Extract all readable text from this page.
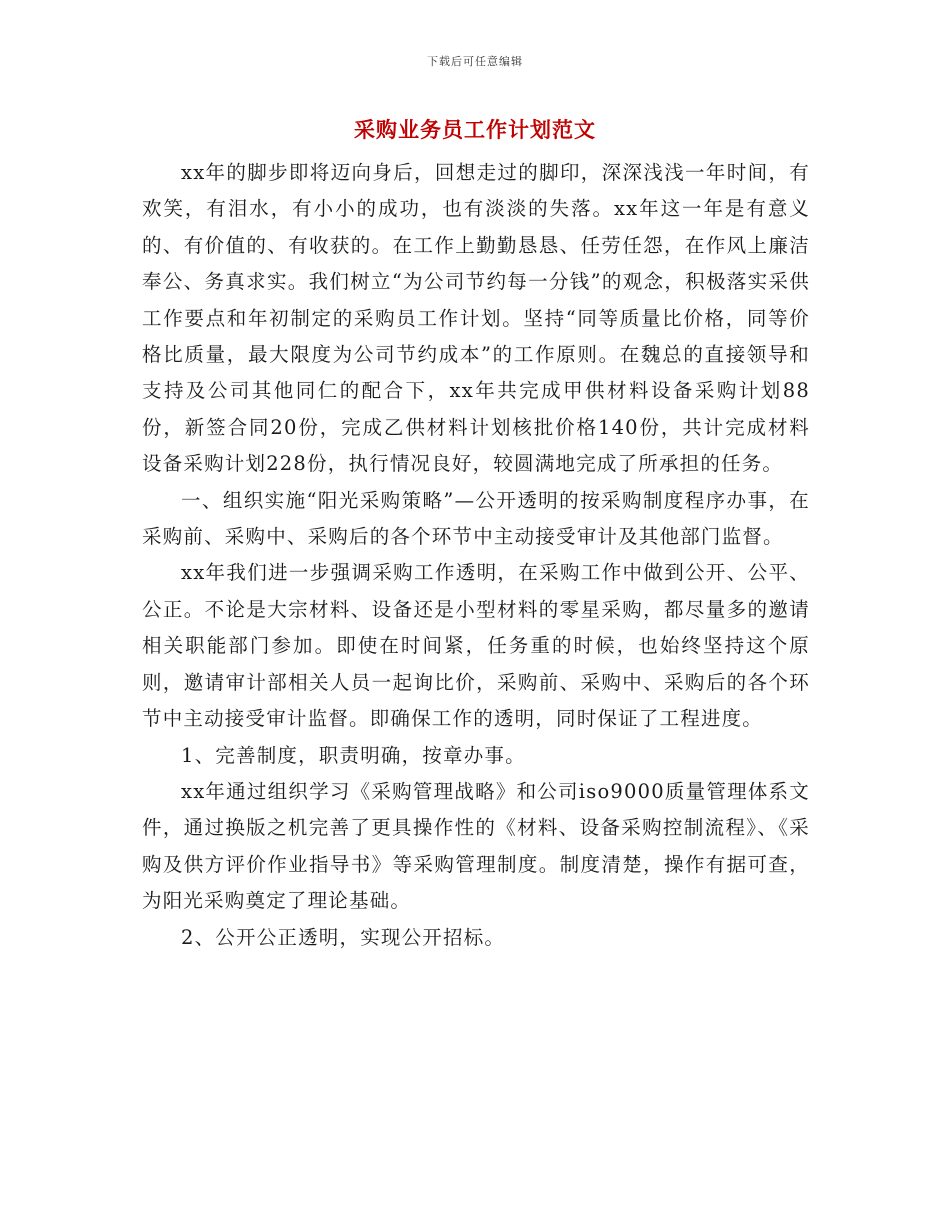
下载后可任意编辑
采购业务员工作计划范文

xx年的脚步即将迈向身后，回想走过的脚印，深深浅浅一年时间，有欢笑，有泪水，有小小的成功，也有淡淡的失落。xx年这一年是有意义的、有价值的、有收获的。在工作上勤勤恳恳、任劳任怨，在作风上廉洁奉公、务真求实。我们树立“为公司节约每一分钱”的观念，积极落实采供工作要点和年初制定的采购员工作计划。坚持“同等质量比价格，同等价格比质量，最大限度为公司节约成本”的工作原则。在魏总的直接领导和支持及公司其他同仁的配合下，xx年共完成甲供材料设备采购计划88份，新签合同20份，完成乙供材料计划核批价格140份，共计完成材料设备采购计划228份，执行情况良好，较圆满地完成了所承担的任务。

一、组织实施“阳光采购策略”—公开透明的按采购制度程序办事，在采购前、采购中、采购后的各个环节中主动接受审计及其他部门监督。

xx年我们进一步强调采购工作透明，在采购工作中做到公开、公平、公正。不论是大宗材料、设备还是小型材料的零星采购，都尽量多的邀请相关职能部门参加。即使在时间紧，任务重的时候，也始终坚持这个原则，邀请审计部相关人员一起询比价，采购前、采购中、采购后的各个环节中主动接受审计监督。即确保工作的透明，同时保证了工程进度。

1、完善制度，职责明确，按章办事。

xx年通过组织学习《采购管理战略》和公司iso9000质量管理体系文件，通过换版之机完善了更具操作性的《材料、设备采购控制流程》、《采购及供方评价作业指导书》等采购管理制度。制度清楚，操作有据可查，为阳光采购奠定了理论基础。

2、公开公正透明，实现公开招标。
